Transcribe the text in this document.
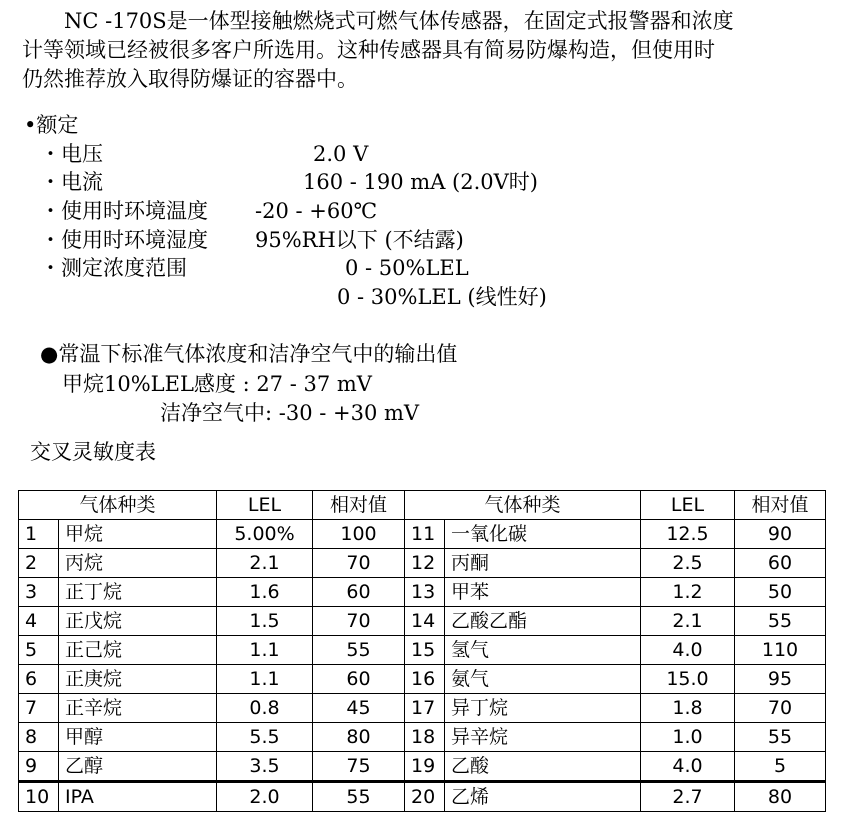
　　NC -170S是一体型接触燃烧式可燃气体传感器，在固定式报警器和浓度
计等领域已经被很多客户所选用。这种传感器具有简易防爆构造，但使用时
仍然推荐放入取得防爆证的容器中。
•额定
・电压	2.0 V
・电流	160 - 190 mA (2.0V时)
・使用时环境温度 -20 - +60℃
・使用时环境湿度 95%RH以下 (不结露)
・测定浓度范围	0 - 50%LEL
0 - 30%LEL (线性好)
●常温下标准气体浓度和洁净空气中的输出值
甲烷10%LEL感度 : 27 - 37 mV
洁净空气中: -30 - +30 mV
交叉灵敏度表
气体种类		LEL	相对值	气体种类		LEL	相对值
1	甲烷	5.00%	100	11	一氧化碳	12.5	90
2	丙烷	2.1	70	12	丙酮	2.5	60
3	正丁烷	1.6	60	13	甲苯	1.2	50
4	正戊烷	1.5	70	14	乙酸乙酯	2.1	55
5	正己烷	1.1	55	15	氢气	4.0	110
6	正庚烷	1.1	60	16	氨气	15.0	95
7	正辛烷	0.8	45	17	异丁烷	1.8	70
8	甲醇	5.5	80	18	异辛烷	1.0	55
9	乙醇	3.5	75	19	乙酸	4.0	5
10	IPA	2.0	55	20	乙烯	2.7	80
